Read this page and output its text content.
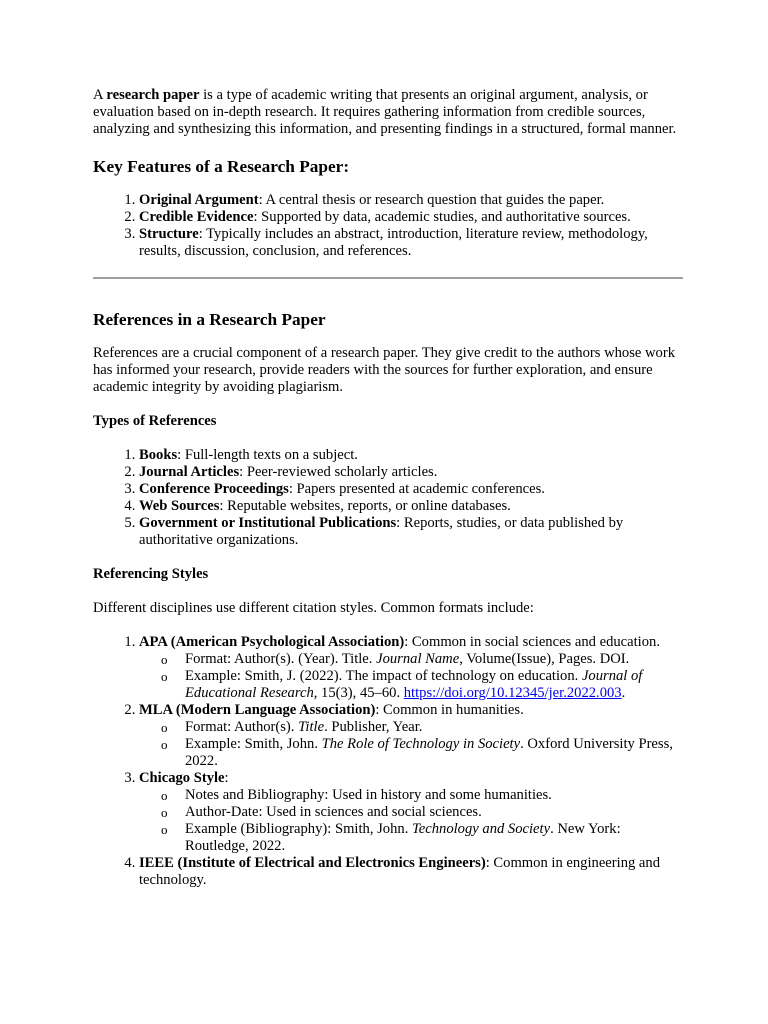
A research paper is a type of academic writing that presents an original argument, analysis, or evaluation based on in-depth research. It requires gathering information from credible sources, analyzing and synthesizing this information, and presenting findings in a structured, formal manner.

Key Features of a Research Paper:
1. Original Argument: A central thesis or research question that guides the paper.
2. Credible Evidence: Supported by data, academic studies, and authoritative sources.
3. Structure: Typically includes an abstract, introduction, literature review, methodology, results, discussion, conclusion, and references.
References in a Research Paper

References are a crucial component of a research paper. They give credit to the authors whose work has informed your research, provide readers with the sources for further exploration, and ensure academic integrity by avoiding plagiarism.

Types of References
1. Books: Full-length texts on a subject.
2. Journal Articles: Peer-reviewed scholarly articles.
3. Conference Proceedings: Papers presented at academic conferences.
4. Web Sources: Reputable websites, reports, or online databases.
5. Government or Institutional Publications: Reports, studies, or data published by authoritative organizations.
Referencing Styles

Different disciplines use different citation styles. Common formats include:

1. APA (American Psychological Association): Common in social sciences and education.
o Format: Author(s). (Year). Title. Journal Name, Volume(Issue), Pages. DOI.
o Example: Smith, J. (2022). The impact of technology on education. Journal of Educational Research, 15(3), 45–60. https://doi.org/10.12345/jer.2022.003.
2. MLA (Modern Language Association): Common in humanities.
o Format: Author(s). Title. Publisher, Year.
o Example: Smith, John. The Role of Technology in Society. Oxford University Press, 2022.
3. Chicago Style:
o Notes and Bibliography: Used in history and some humanities.
o Author-Date: Used in sciences and social sciences.
o Example (Bibliography): Smith, John. Technology and Society. New York: Routledge, 2022.
4. IEEE (Institute of Electrical and Electronics Engineers): Common in engineering and technology.
